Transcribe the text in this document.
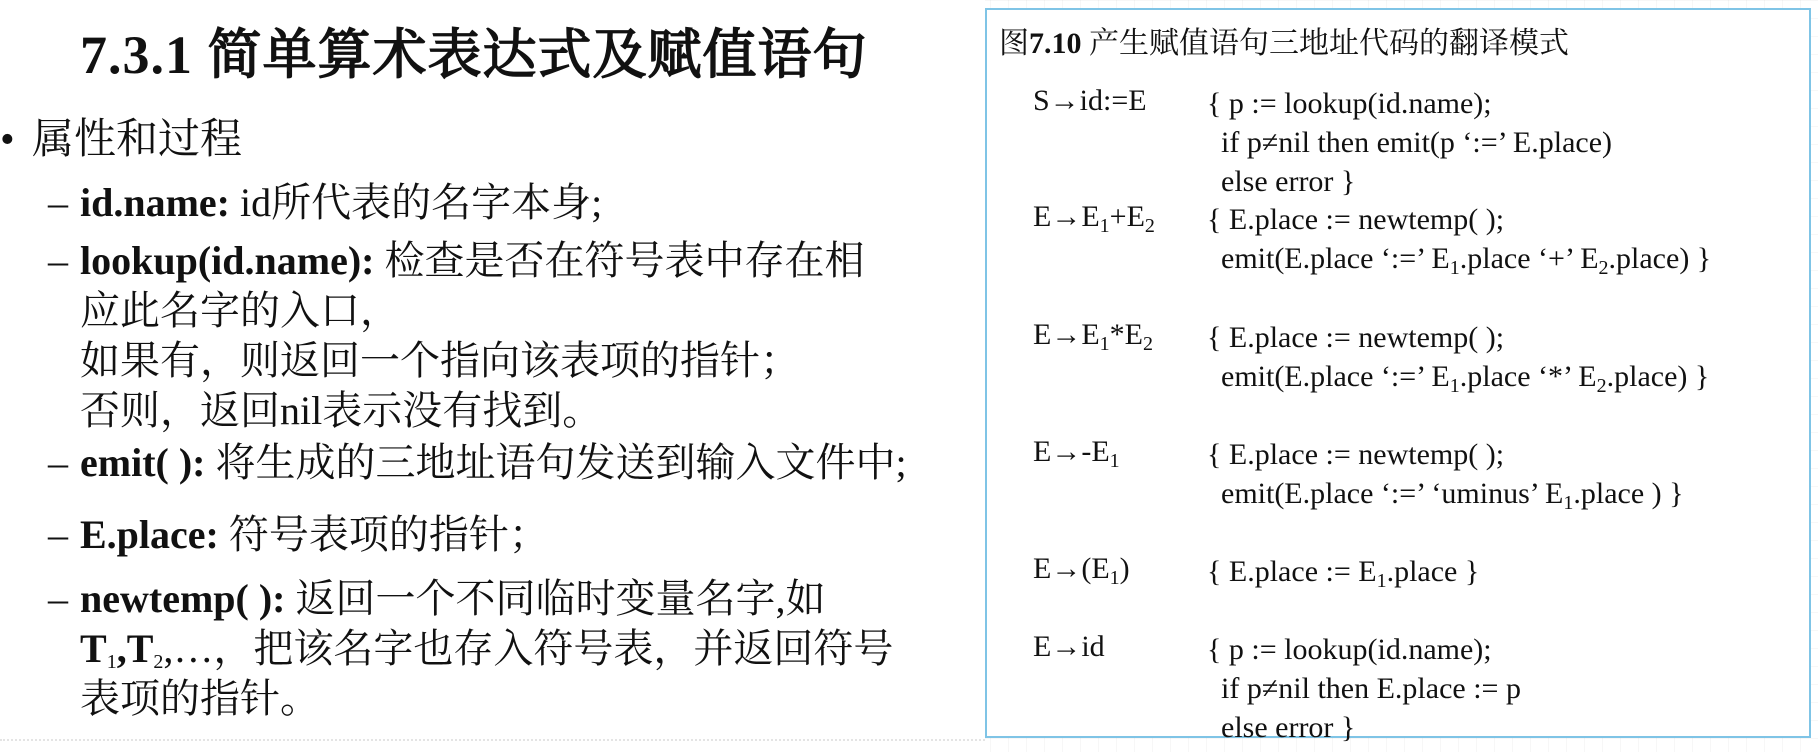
7.3.1 简单算术表达式及赋值语句
• 属性和过程
– id.name: id所代表的名字本身;
– lookup(id.name): 检查是否在符号表中存在相
应此名字的入口，
如果有，则返回一个指向该表项的指针；
否则，返回nil表示没有找到。
– emit( ): 将生成的三地址语句发送到输入文件中;
– E.place: 符号表项的指针；
– newtemp( ): 返回一个不同临时变量名字,如
$T_1,T_2,\dots$，把该名字也存入符号表，并返回符号
表项的指针。
图7.10 产生赋值语句三地址代码的翻译模式
S→id:=E { p := lookup(id.name);
if p≠nil then emit(p ‘:=’ E.place)
else error }
$E\to E_1+E_2$ { E.place := newtemp( );
emit(E.place ‘:=’ $E_1.place$ ‘+’ $E_2.place$) }
$E\to E_1*E_2$ { E.place := newtemp( );
emit(E.place ‘:=’ $E_1.place$ ‘*’ $E_2.place$) }
$E\to-E_1$	{ E.place := newtemp( );
emit(E.place ‘:=’ ‘uminus’ $E_1.place$ ) }
$E\to(E_1)$	{ E.place := $E_1.place$ }
E→id	{ p := lookup(id.name);
if p≠nil then E.place := p
else error }
